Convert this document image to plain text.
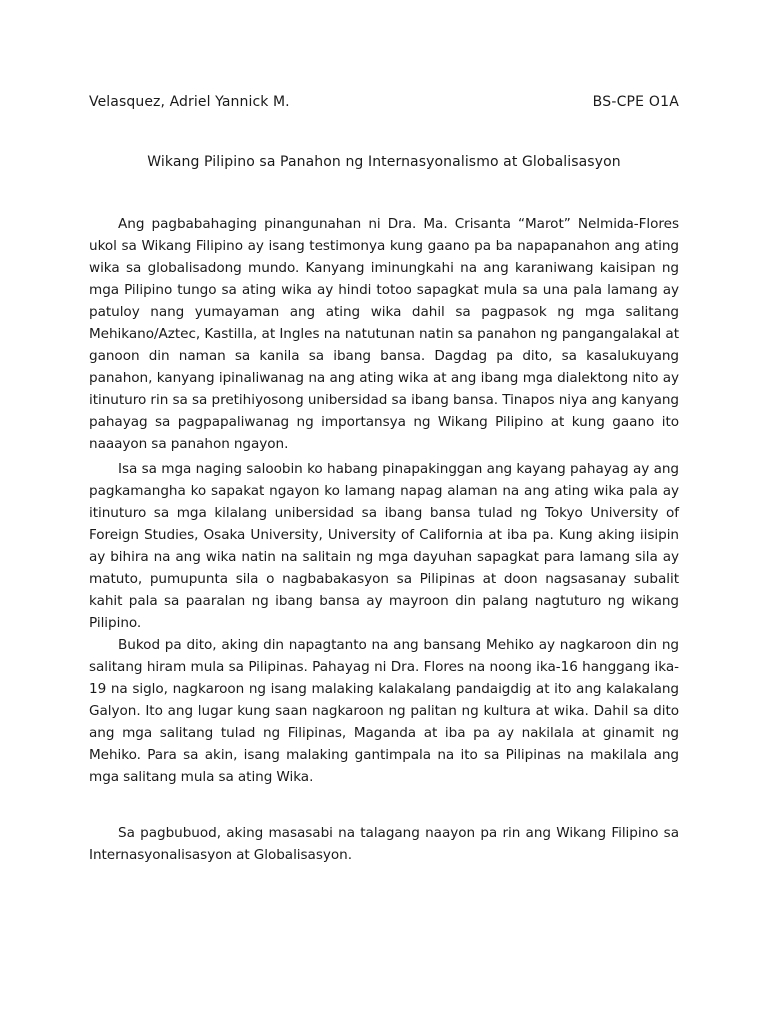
Velasquez, Adriel Yannick M.	BS-CPE O1A
Wikang Pilipino sa Panahon ng Internasyonalismo at Globalisasyon

Ang pagbabahaging pinangunahan ni Dra. Ma. Crisanta “Marot” Nelmida-Flores ukol sa Wikang Filipino ay isang testimonya kung gaano pa ba napapanahon ang ating wika sa globalisadong mundo. Kanyang iminungkahi na ang karaniwang kaisipan ng mga Pilipino tungo sa ating wika ay hindi totoo sapagkat mula sa una pala lamang ay patuloy nang yumayaman ang ating wika dahil sa pagpasok ng mga salitang Mehikano/Aztec, Kastilla, at Ingles na natutunan natin sa panahon ng pangangalakal at ganoon din naman sa kanila sa ibang bansa. Dagdag pa dito, sa kasalukuyang panahon, kanyang ipinaliwanag na ang ating wika at ang ibang mga dialektong nito ay itinuturo rin sa sa pretihiyosong unibersidad sa ibang bansa. Tinapos niya ang kanyang pahayag sa pagpapaliwanag ng importansya ng Wikang Pilipino at kung gaano ito naaayon sa panahon ngayon.

Isa sa mga naging saloobin ko habang pinapakinggan ang kayang pahayag ay ang pagkamangha ko sapakat ngayon ko lamang napag alaman na ang ating wika pala ay itinuturo sa mga kilalang unibersidad sa ibang bansa tulad ng Tokyo University of Foreign Studies, Osaka University, University of California at iba pa. Kung aking iisipin ay bihira na ang wika natin na salitain ng mga dayuhan sapagkat para lamang sila ay matuto, pumupunta sila o nagbabakasyon sa Pilipinas at doon nagsasanay subalit kahit pala sa paaralan ng ibang bansa ay mayroon din palang nagtuturo ng wikang Pilipino.

Bukod pa dito, aking din napagtanto na ang bansang Mehiko ay nagkaroon din ng salitang hiram mula sa Pilipinas. Pahayag ni Dra. Flores na noong ika-16 hanggang ika-19 na siglo, nagkaroon ng isang malaking kalakalang pandaigdig at ito ang kalakalang Galyon. Ito ang lugar kung saan nagkaroon ng palitan ng kultura at wika. Dahil sa dito ang mga salitang tulad ng Filipinas, Maganda at iba pa ay nakilala at ginamit ng Mehiko. Para sa akin, isang malaking gantimpala na ito sa Pilipinas na makilala ang mga salitang mula sa ating Wika.

Sa pagbubuod, aking masasabi na talagang naayon pa rin ang Wikang Filipino sa Internasyonalisasyon at Globalisasyon.
